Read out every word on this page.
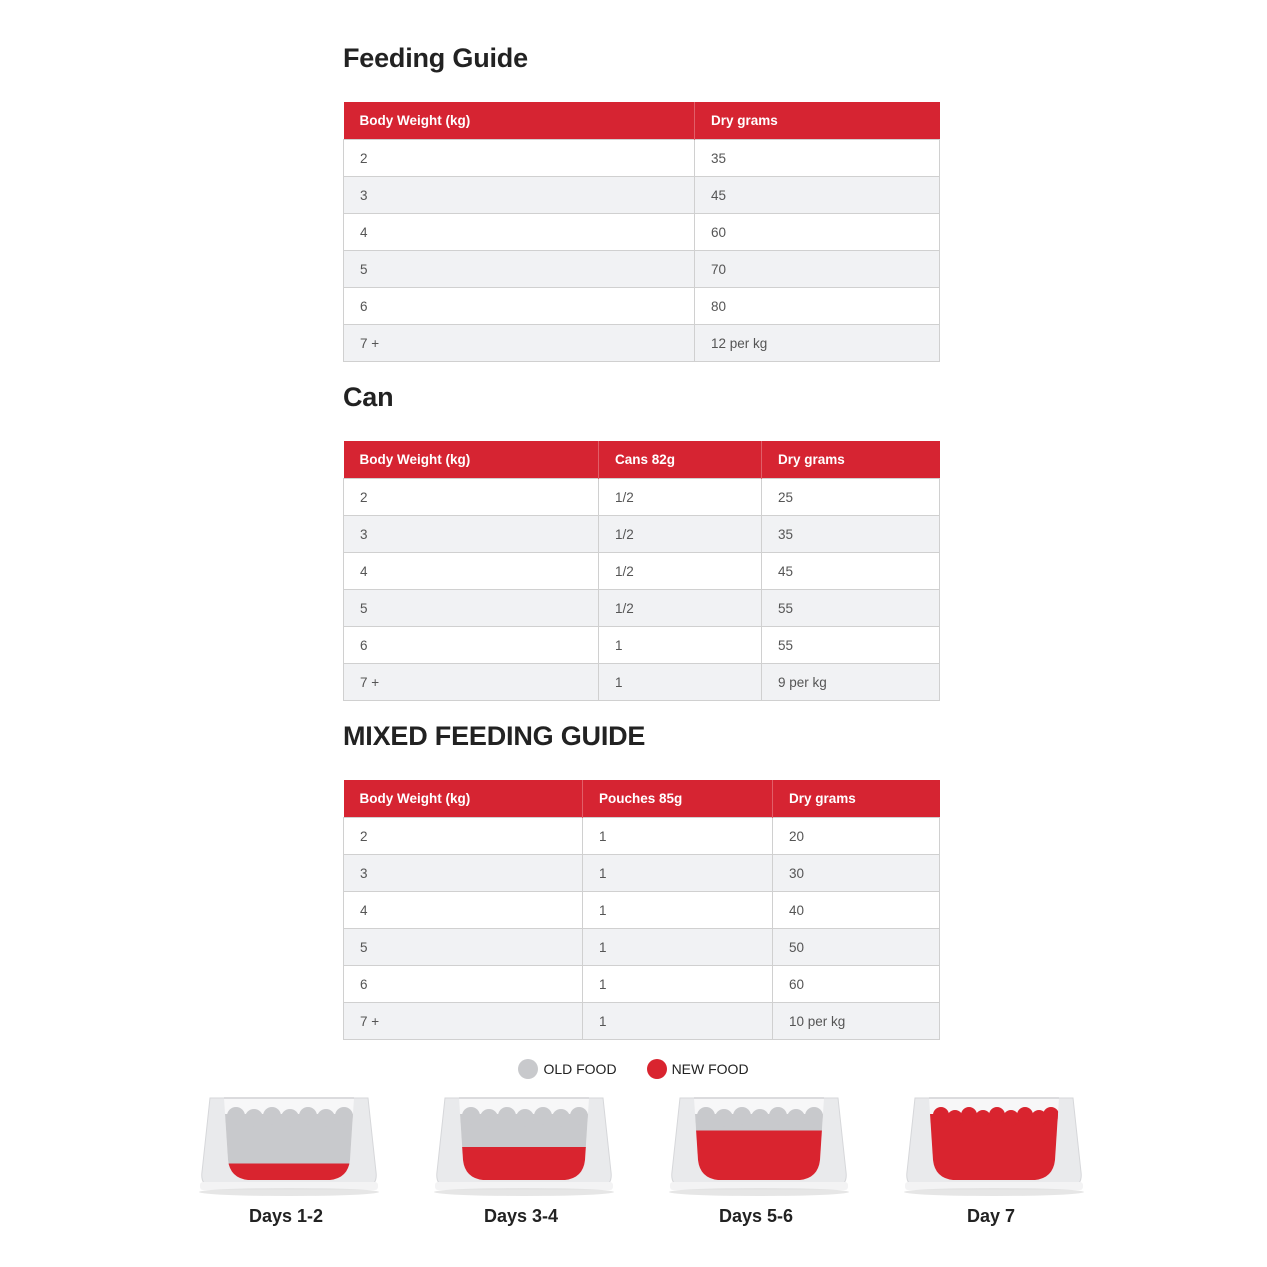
Feeding Guide
Body Weight (kg)	Dry grams
2	35
3	45
4	60
5	70
6	80
7 +	12 per kg
Can
Body Weight (kg)	Cans 82g	Dry grams
2	1/2	25
3	1/2	35
4	1/2	45
5	1/2	55
6	1	55
7 +	1	9 per kg
MIXED FEEDING GUIDE
Body Weight (kg)	Pouches 85g	Dry grams
2	1	20
3	1	30
4	1	40
5	1	50
6	1	60
7 +	1	10 per kg
OLD FOOD	NEW FOOD
Days 1-2	Days 3-4	Days 5-6	Day 7
